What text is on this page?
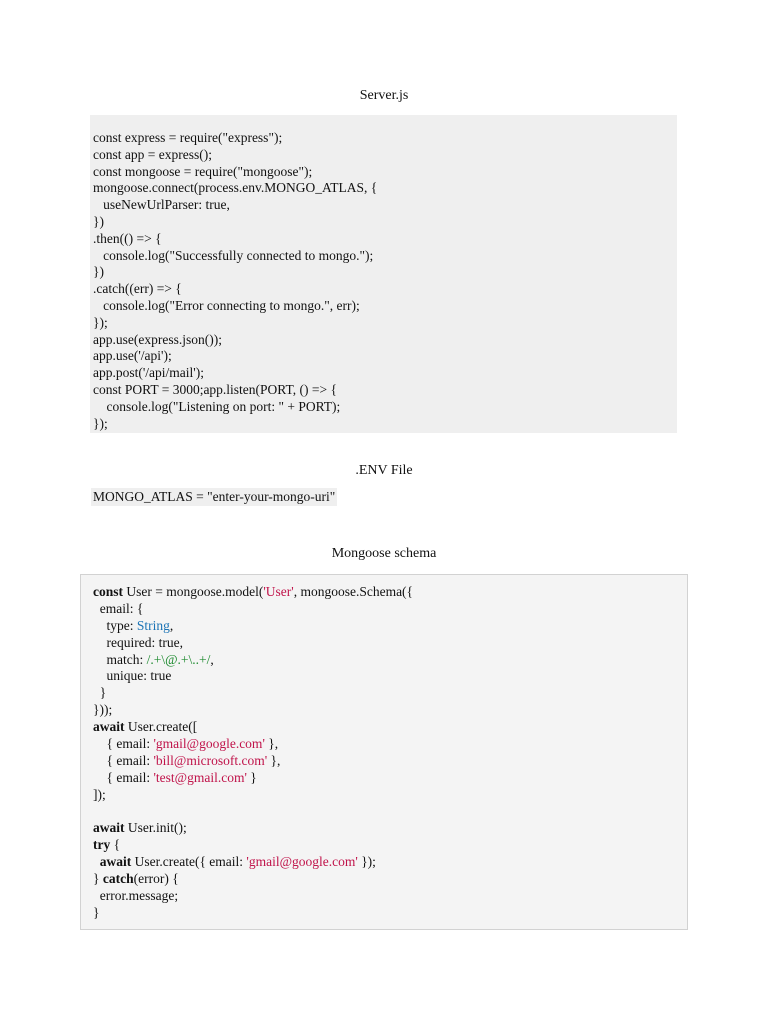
Server.js
const express = require("express");
const app = express();
const mongoose = require("mongoose");
mongoose.connect(process.env.MONGO_ATLAS, {
useNewUrlParser: true,
})
.then(() => {
console.log("Successfully connected to mongo.");
})
.catch((err) => {
console.log("Error connecting to mongo.", err);
});
app.use(express.json());
app.use('/api');
app.post('/api/mail');
const PORT = 3000;app.listen(PORT, () => {
console.log("Listening on port: " + PORT);
});
.ENV File
MONGO_ATLAS = "enter-your-mongo-uri"
Mongoose schema
const User = mongoose.model('User', mongoose.Schema({
email: {
type: String,
required: true,
match: /.+\@.+\..+/,
unique: true
}
}));
await User.create([
{ email: 'gmail@google.com' },
{ email: 'bill@microsoft.com' },
{ email: 'test@gmail.com' }
]);
await User.init();
try {
await User.create({ email: 'gmail@google.com' });
} catch(error) {
error.message;
}
